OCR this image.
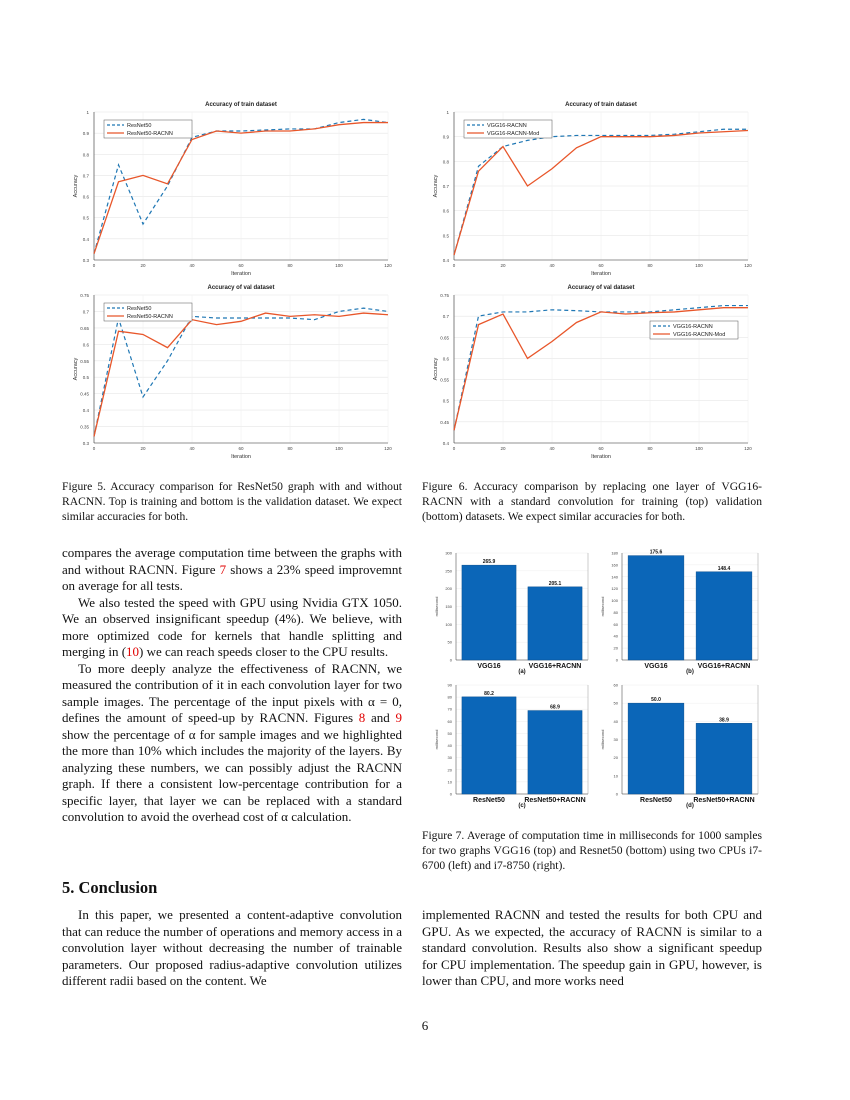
0.3
0.4
0.5
0.6
0.7
0.8
0.9
1
0	20	40	60	80	100	120
Accuracy of train dataset
Iteration
Accuracy
ResNet50
ResNet50-RACNN
0.3
0.35
0.4
0.45
0.5
0.55
0.6
0.65
0.7
0.75
0	20	40	60	80	100	120
Accuracy of val dataset
Iteration
Accuracy
ResNet50
ResNet50-RACNN
0.4
0.5
0.6
0.7
0.8
0.9
1
0	20	40	60	80	100	120
Accuracy of train dataset
Iteration
Accuracy
VGG16-RACNN
VGG16-RACNN-Mod
0.4
0.45
0.5
0.55
0.6
0.65
0.7
0.75
0	20	40	60	80	100	120
Accuracy of val dataset
Iteration
Accuracy
VGG16-RACNN
VGG16-RACNN-Mod
Figure 5. Accuracy comparison for ResNet50 graph with and without RACNN. Top is training and bottom is the validation dataset. We expect similar accuracies for both.
Figure 6. Accuracy comparison by replacing one layer of VGG16-RACNN with a standard convolution for training (top) validation (bottom) datasets. We expect similar accuracies for both.
0
50
100
150
200
250
300
millisecond
265.9
VGG16
205.1
VGG16+RACNN
(a)
0
20
40
60
80
100
120
140
160
180
millisecond
175.6
VGG16
148.4
VGG16+RACNN
(b)
0
10
20
30
40
50
60
70
80
90
millisecond
80.2
ResNet50
68.9
ResNet50+RACNN
(c)
0
10
20
30
40
50
60
millisecond
50.0
ResNet50
38.9
ResNet50+RACNN
(d)
Figure 7. Average of computation time in milliseconds for 1000 samples for two graphs VGG16 (top) and Resnet50 (bottom) using two CPUs i7-6700 (left) and i7-8750 (right).

compares the average computation time between the graphs with and without RACNN. Figure 7 shows a 23% speed improvemnt on average for all tests.

We also tested the speed with GPU using Nvidia GTX 1050. We an observed insignificant speedup (4%). We believe, with more optimized code for kernels that handle splitting and merging in (10) we can reach speeds closer to the CPU results.

To more deeply analyze the effectiveness of RACNN, we measured the contribution of it in each convolution layer for two sample images. The percentage of the input pixels with α = 0, defines the amount of speed-up by RACNN. Figures 8 and 9 show the percentage of α for sample images and we highlighted the more than 10% which includes the majority of the layers. By analyzing these numbers, we can possibly adjust the RACNN graph. If there a consistent low-percentage contribution for a specific layer, that layer we can be replaced with a standard convolution to avoid the overhead cost of α calculation.

5. Conclusion

In this paper, we presented a content-adaptive convolution that can reduce the number of operations and memory access in a convolution layer without decreasing the number of trainable parameters. Our proposed radius-adaptive convolution utilizes different radii based on the content. We

implemented RACNN and tested the results for both CPU and GPU. As we expected, the accuracy of RACNN is similar to a standard convolution. Results also show a significant speedup for CPU implementation. The speedup gain in GPU, however, is lower than CPU, and more works need

6
